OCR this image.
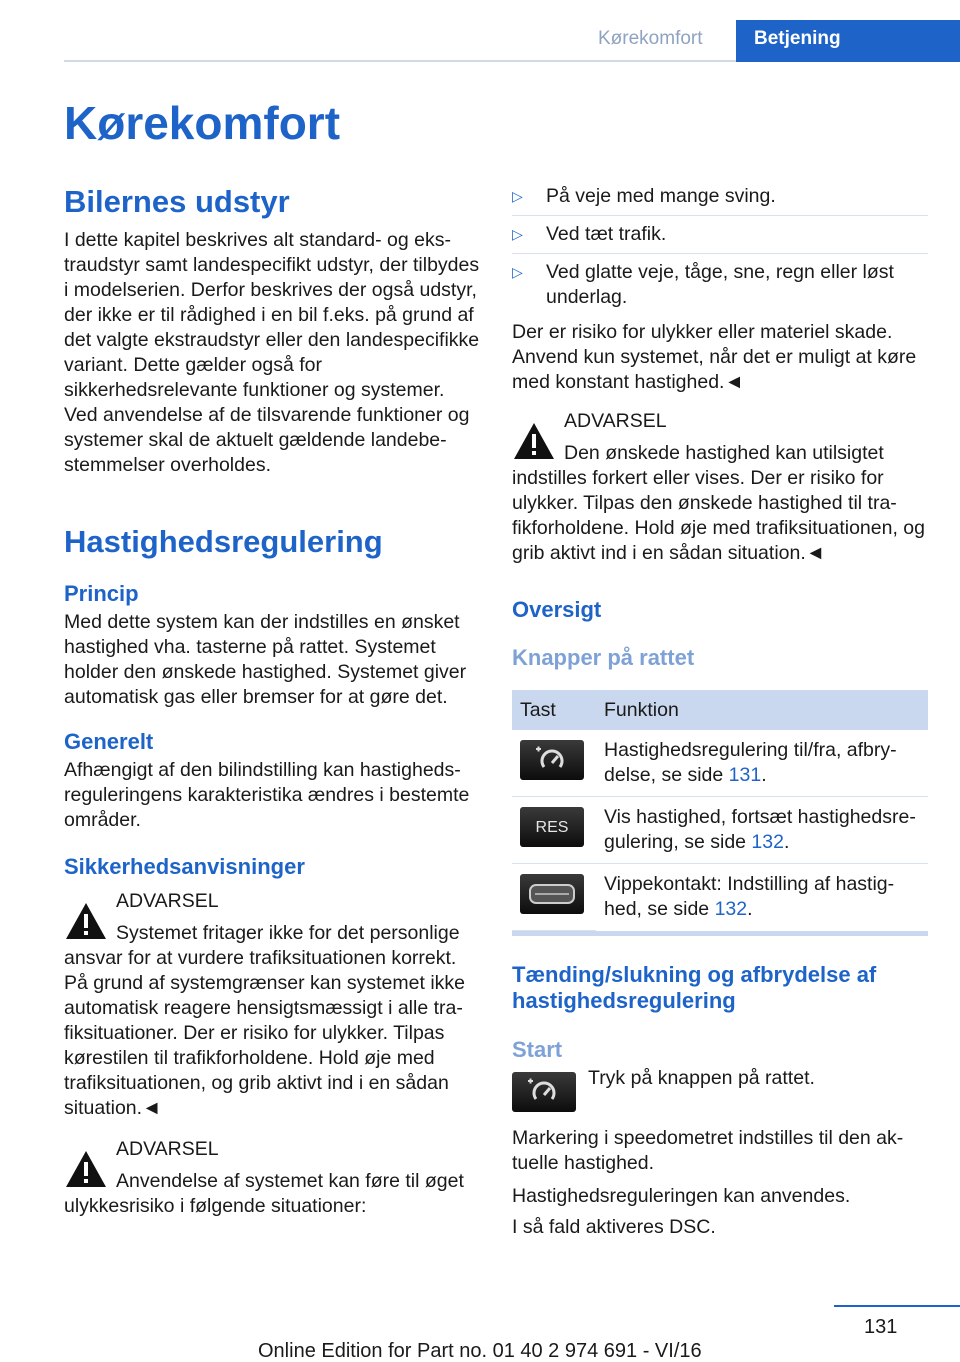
Kørekomfort	Betjening
Kørekomfort
Bilernes udstyr

I dette kapitel beskrives alt standard- og ekstraudstyr samt landespecifikt udstyr, der tilbydes i modelserien. Derfor beskrives der også udstyr, der ikke er til rådighed i en bil f.eks. på grund af det valgte ekstraudstyr eller den landespecifikke variant. Dette gælder også for sikkerhedsrelevante funktioner og systemer. Ved anvendelse af de tilsvarende funktioner og systemer skal de aktuelt gældende landebestemmelser overholdes.

Hastighedsregulering
Princip

Med dette system kan der indstilles en ønsket hastighed vha. tasterne på rattet. Systemet holder den ønskede hastighed. Systemet giver automatisk gas eller bremser for at gøre det.

Generelt

Afhængigt af den bilindstilling kan hastighedsreguleringens karakteristika ændres i bestemte områder.

Sikkerhedsanvisninger
ADVARSEL
Systemet fritager ikke for det personlige ansvar for at vurdere trafiksituationen korrekt. På grund af systemgrænser kan systemet ikke automatisk reagere hensigtsmæssigt i alle trafiksituationer. Der er risiko for ulykker. Tilpas kørestilen til trafikforholdene. Hold øje med trafiksituationen, og grib aktivt ind i en sådan situation.◄
ADVARSEL
Anvendelse af systemet kan føre til øget ulykkesrisiko i følgende situationer:
▷ På veje med mange sving.
▷ Ved tæt trafik.
▷ Ved glatte veje, tåge, sne, regn eller løst underlag.

Der er risiko for ulykker eller materiel skade. Anvend kun systemet, når det er muligt at køre med konstant hastighed.◄

ADVARSEL
Den ønskede hastighed kan utilsigtet indstilles forkert eller vises. Der er risiko for ulykker. Tilpas den ønskede hastighed til trafikforholdene. Hold øje med trafiksituationen, og grib aktivt ind i en sådan situation.◄
Oversigt
Knapper på rattet
Tast	Funktion

	Hastighedsregulering til/fra, afbrydelse, se side 131.

RES	Vis hastighed, fortsæt hastighedsregulering, se side 132.

	Vippekontakt: Indstilling af hastighed, se side 132.
Tænding/slukning og afbrydelse af hastighedsregulering
Start

Tryk på knappen på rattet.

Markering i speedometret indstilles til den aktuelle hastighed.

Hastighedsreguleringen kan anvendes.

I så fald aktiveres DSC.

131
Online Edition for Part no. 01 40 2 974 691 - VI/16
